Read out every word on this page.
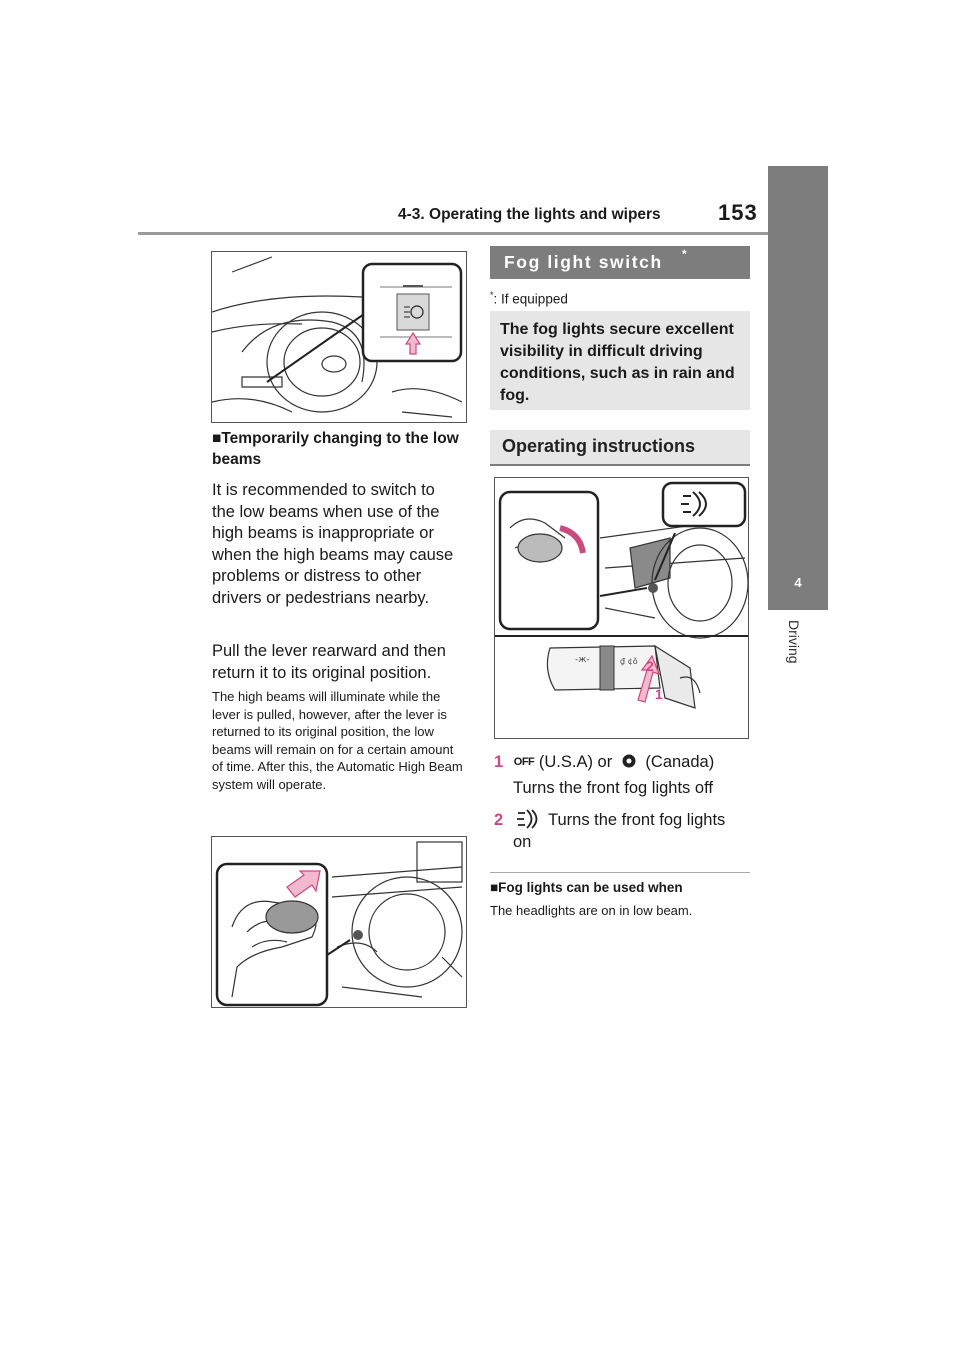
4-3. Operating the lights and wipers	153
4
Driving
■Temporarily changing to the low beams
It is recommended to switch to the low beams when use of the high beams is inappropriate or when the high beams may cause problems or distress to other drivers or pedestrians nearby.
Pull the lever rearward and then return it to its original position.
The high beams will illuminate while the lever is pulled, however, after the lever is returned to its original position, the low beams will remain on for a certain amount of time. After this, the Automatic High Beam system will operate.
Fog light switch *
*: If equipped
The fog lights secure excellent visibility in difficult driving conditions, such as in rain and fog.
Operating instructions
-ж-	₫ ¢ǒ 2
1
1 OFF (U.S.A) or (Canada)
Turns the front fog lights off
2	Turns the front fog lights on
■Fog lights can be used when
The headlights are on in low beam.
